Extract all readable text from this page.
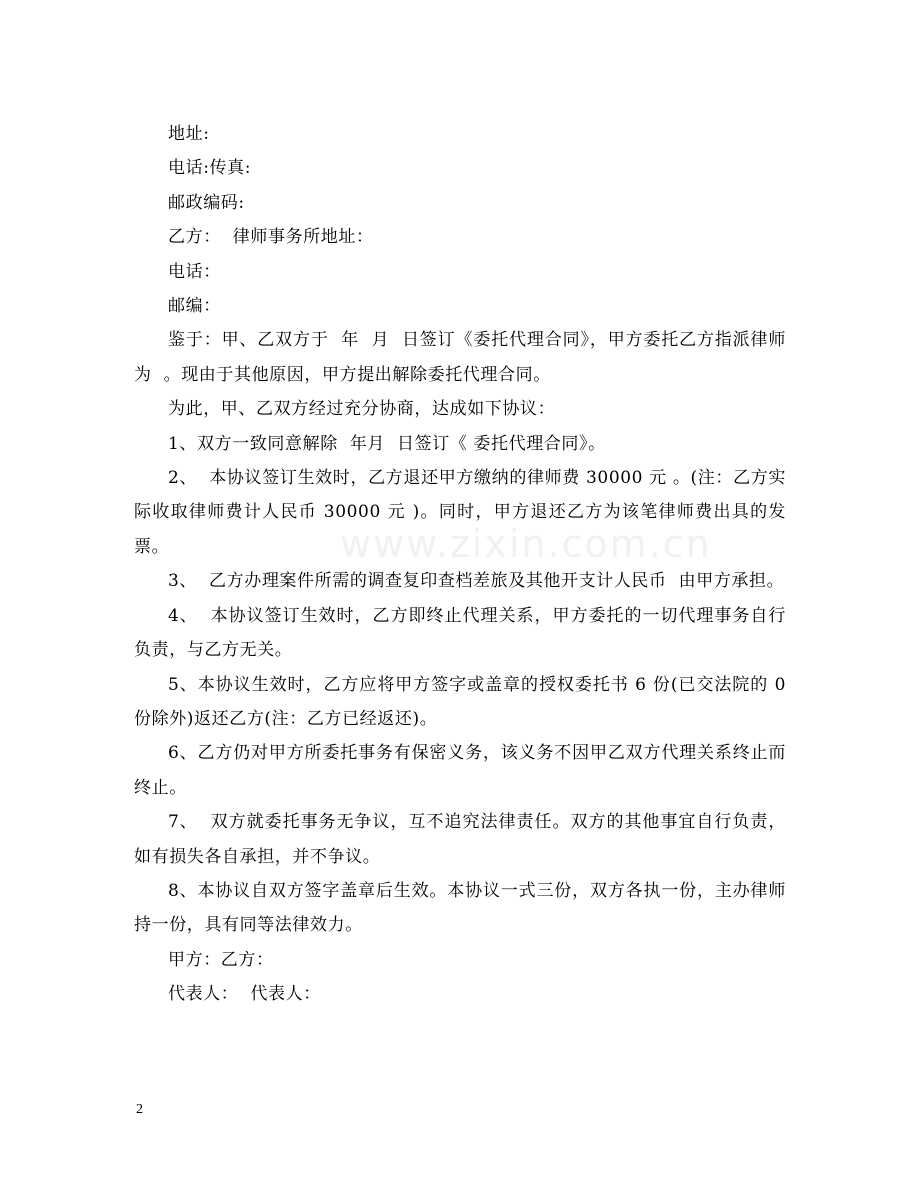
www.zixin.com.cn

地址:

电话:传真:

邮政编码:

乙方：  律师事务所地址：

电话：

邮编：

鉴于：甲、乙双方于  年  月  日签订《委托代理合同》，甲方委托乙方指派律师为  。现由于其他原因，甲方提出解除委托代理合同。

为此，甲、乙双方经过充分协商，达成如下协议：

1、双方一致同意解除  年月  日签订《 委托代理合同》。

2、  本协议签订生效时，乙方退还甲方缴纳的律师费 30000 元 。(注：乙方实际收取律师费计人民币 30000 元 )。同时，甲方退还乙方为该笔律师费出具的发票。

3、  乙方办理案件所需的调查复印查档差旅及其他开支计人民币  由甲方承担。

4、  本协议签订生效时，乙方即终止代理关系，甲方委托的一切代理事务自行负责，与乙方无关。

5、本协议生效时，乙方应将甲方签字或盖章的授权委托书 6 份(已交法院的 0 份除外)返还乙方(注：乙方已经返还)。

6、乙方仍对甲方所委托事务有保密义务，该义务不因甲乙双方代理关系终止而终止。

7、  双方就委托事务无争议，互不追究法律责任。双方的其他事宜自行负责，如有损失各自承担，并不争议。

8、本协议自双方签字盖章后生效。本协议一式三份，双方各执一份，主办律师持一份，具有同等法律效力。

甲方：乙方：

代表人：  代表人：

2
